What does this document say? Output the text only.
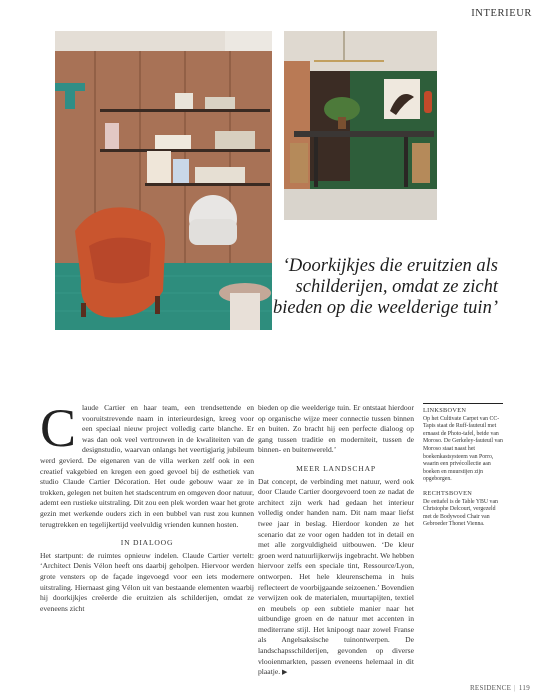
INTERIEUR
‘Doorkijkjes die eruitzien als schilderijen, omdat ze zicht bieden op die weelderige tuin’

Claude Cartier en haar team, een trendsettende en vooruitstrevende naam in interieurdesign, kreeg voor een speciaal nieuw project volledig carte blanche. Er was dan ook veel vertrouwen in de kwaliteiten van de designstudio, waarvan onlangs het veertigjarig jubileum werd gevierd. De eigenaren van de villa werken zelf ook in een creatief vakgebied en kregen een goed gevoel bij de esthetiek van studio Claude Cartier Décoration. Het oude gebouw waar ze in trokken, gelegen net buiten het stadscentrum en omgeven door natuur, ademt een rustieke uitstraling. Dit zou een plek worden waar het grote gezin met werkende ouders zich in een bubbel van rust zou kunnen terugtrekken en tegelijkertijd veelvuldig vrienden kunnen hosten.

IN DIALOOG

Het startpunt: de ruimtes opnieuw indelen. Claude Cartier vertelt: ‘Architect Denis Vélon heeft ons daarbij geholpen. Hiervoor werden grote vensters op de façade ingevoegd voor een iets modernere uitstraling. Hiernaast ging Vélon uit van bestaande elementen waarbij hij doorkijkjes creëerde die eruitzien als schilderijen, omdat ze eveneens zicht

bieden op die weelderige tuin. Er ontstaat hierdoor op organische wijze meer connectie tussen binnen en buiten. Zo bracht hij een perfecte dialoog op gang tussen traditie en moderniteit, tussen de binnen- en buitenwereld.’

MEER LANDSCHAP

Dat concept, de verbinding met natuur, werd ook door Claude Cartier doorgevoerd toen ze nadat de architect zijn werk had gedaan het interieur volledig onder handen nam. Dit nam maar liefst twee jaar in beslag. Hierdoor konden ze het scenario dat ze voor ogen hadden tot in detail en met alle zorgvuldigheid uitbouwen. ‘De kleur groen werd natuurlijkerwijs ingebracht. We hebben hiervoor zelfs een speciale tint, Ressource/Lyon, ontworpen. Het hele kleurenschema in huis reflecteert de voorbijgaande seizoenen.’ Bovendien verwijzen ook de materialen, muurtapijten, textiel en meubels op een subtiele manier naar het uitbundige groen en de natuur met accenten in mediterrane stijl. Het knipoogt naar zowel Franse als Angelsaksische tuinontwerpen. De landschapsschilderijen, gevonden op diverse vlooienmarkten, passen eveneens helemaal in dit plaatje. ▶

LINKSBOVEN
Op het Cultivate Carpet van CC-Tapis staat de Ruff-fauteuil met ernaast de Photo-tafel, beide van Moroso. De Gerkeley-fauteuil van Moroso staat naast het boekenkastsysteem van Porro, waarin een privécollectie aan boeken en muurstijen zijn opgeborgen.
RECHTSBOVEN
De eettafel is de Table YBU van Christophe Delcourt, vergezeld met de Bodywood Chair van Gebroeder Thonet Vienna.
RESIDENCE | 119
